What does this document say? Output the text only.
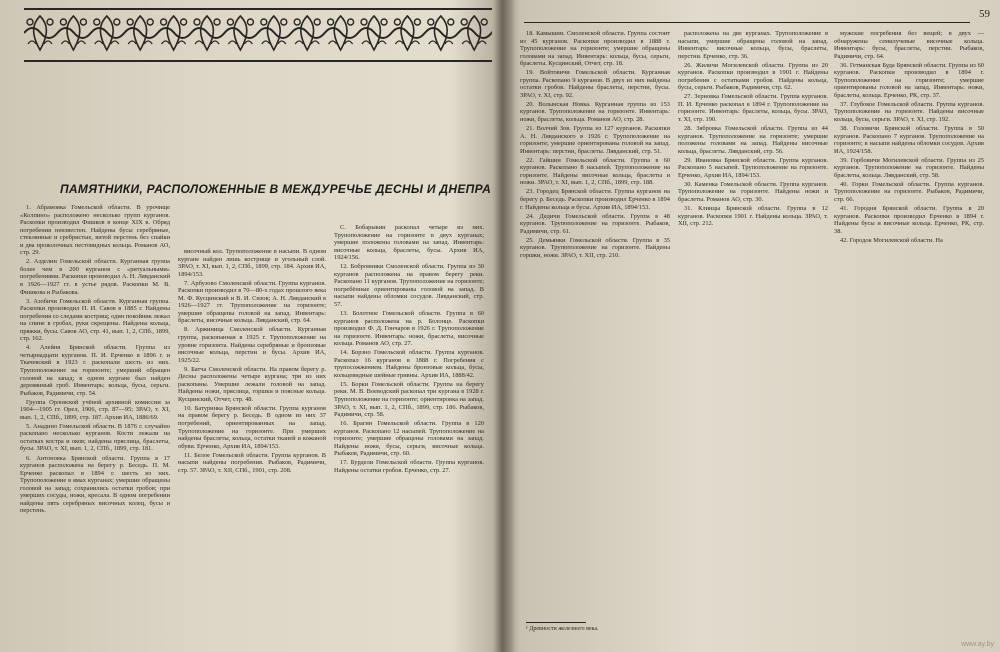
ПАМЯТНИКИ, РАСПОЛОЖЕННЫЕ В МЕЖДУРЕЧЬЕ ДЕСНЫ И ДНЕПРА

1. Абрамовка Гомельской области. В урочище «Колпино» расположено несколько групп курганов. Раскопки производил Фишков в конце XIX в. Обряд погребения неизвестен. Найдены бусы серебряные, стеклянные и сребристые, витой перстень без спайки и два проволочных пестовидных кольца. Романов АО, стр. 29.

2. Азделин Гомельской области. Курганная группа более чем в 200 курганов с «ритуальными» погребениями. Раскопки производил А. Н. Лявданский в 1926—1927 гг. в устье рядов. Раскопки М. В. Фишкова и Рыбакова.

3. Азобичи Гомельской области. Курганная группа. Раскопки производил П. И. Савов в 1885 г. Найдены погребения со следами кострищ; один покойник лежал на спине в гробах, руки скрещены. Найдены кольца, пряжки, бусы. Савов АО, стр. 41, вып. 1, 2, СПб., 1899, стр. 162.

4. Алейня Брянской области. Группа из четырнадцати курганов. П. И. Ерченко в 1896 г. и Ткачевский в 1923 г. раскопали шесть из них. Трупоположение на горизонте; умерший обращен головой на запад; в одном кургане был найден деревянный гроб. Инвентарь: кольца, бусы, серьги. Рыбаков, Радимичи, стр. 54.

Группа Орловской учёной архивной комиссии за 1904—1905 гг. Орел, 1906, стр. 87—95; ЗРАО, т. XI, вып. 1, 2, СПб., 1899, стр. 187. Архив ИА, 1886/69.

5. Анадино Гомельской области. В 1876 г. случайно раскопано несколько курганов. Кости лежали на остатках костра и оков; найдены пряслица, браслеты, бусы. ЗРАО, т. XI, вып. 1, 2, СПб., 1899, стр. 181.

6. Антоновка Брянской области. Группа в 17 курганов расположена на берегу р. Беседь. П. М. Ерченко раскопал в 1894 г. шесть из них. Трупоположение в ямах курганах; умершие обращены головой на запад; сохранились остатки гробов; при умерших сосуды, ножи, кресала. В одном погребении найдены пять серебряных височных колец, бусы и перстень.

височный кол. Трупоположение в насыпи. В одном кургане найден лишь кострище и угольный слой. ЗРАО, т. XI, вып. 1, 2, СПб., 1899, стр. 184. Архив ИА, 1894/153.

7. Арбузово Смоленской области. Группа курганов. Раскопки производил в 70—80-х годах прошлого века М. Ф. Кусцинский и В. И. Сизов; А. Н. Лявданский в 1926—1927 гг. Трупоположение на горизонте; умершие обращены головой на запад. Инвентарь: браслеты, височные кольца. Лявданский, стр. 64.

8. Аржиница Смоленской области. Курганная группа, раскопанная в 1925 г. Трупоположение на уровне горизонта. Найдены серебряные и бронзовые височные кольца, перстни и бусы. Архив ИА, 1925/22.

9. Батча Смоленской области. На правом берегу р. Десны расположены четыре кургана; три из них раскопаны. Умершие лежали головой на запад. Найдены ножи, пряслица, горшки и поясные кольца. Кусцинский, Отчет, стр. 48.

10. Батуринка Брянской области. Группа курганов на правом берегу р. Беседь. В одном из них 37 погребений, ориентированных на запад. Трупоположение на горизонте. При умерших найдены браслеты, кольца, остатки тканей и кожаной обуви. Ерченко, Архив ИА, 1894/153.

11. Белое Гомельской области. Группа курганов. В насыпи найдены погребения. Рыбаков, Радимичи, стр. 57. ЗРАО, т. XII, СПб., 1901, стр. 208.

С. Бобарыкин раскопал четыре из них. Трупоположение на горизонте в двух курганах; умершие положены головами на запад. Инвентарь: височные кольца, браслеты, бусы. Архив ИА, 1924/156.

12. Бобровники Смоленской области. Группа из 30 курганов расположена на правом берегу реки. Раскопано 11 курганов. Трупоположение на горизонте; погребённые ориентированы головой на запад. В насыпи найдены обломки сосудов. Лявданский, стр. 57.

13. Болотное Гомельской области. Группа в 60 курганов расположена на р. Болонце. Раскопки производил Ф. Д. Гончаров в 1926 г. Трупоположение на горизонте. Инвентарь: ножи, браслеты, височные кольца. Романов АО, стр. 27.

14. Борзно Гомельской области. Группа курганов. Раскопал 16 курганов в 1888 г. Погребения с трупосожжением. Найдены бронзовые кольца, бусы, кольцевидные шейные гривны. Архив ИА, 1888/42.

15. Борки Гомельской области. Группа на берегу реки. М. В. Воеводский раскопал три кургана в 1928 г. Трупоположение на горизонте; ориентировка на запад. ЗРАО, т. XI, вып. 1, 2, СПб., 1899, стр. 186. Рыбаков, Радимичи, стр. 58.

16. Брагин Гомельской области. Группа в 120 курганов. Раскопано 12 насыпей. Трупоположение на горизонте; умершие обращены головами на запад. Найдены ножи, бусы, серьги, височные кольца. Рыбаков, Радимичи, стр. 60.

17. Бурдели Гомельской области. Группа курганов. Найдены остатки гробов. Ерченко, стр. 27.

59

18. Камышин. Смоленской области. Группа состоит из 45 курганов. Раскопки производил в 1888 г. Трупоположение на горизонте; умершие обращены головами на запад. Инвентарь: кольца, бусы, серьги, браслеты. Кусцинский, Отчет, стр. 18.

19. Войтовичи Гомельской области. Курганная группа. Раскопано 9 курганов. В двух из них найдены остатки гробов. Найдены браслеты, перстни, бусы. ЗРАО, т. XI, стр. 92.

20. Волынская Новка. Курганная группа из 153 курганов. Трупоположение на горизонте. Инвентарь: ножи, браслеты, кольца. Романов АО, стр. 28.

21. Волчий Зов. Группа из 127 курганов. Раскопки А. Н. Лявданского в 1926 г. Трупоположение на горизонте; умершие ориентированы головой на запад. Инвентарь: перстни, браслеты. Лявданский, стр. 51.

22. Гайшин Гомельской области. Группа в 60 курганов. Раскопано 8 насыпей. Трупоположение на горизонте. Найдены височные кольца, браслеты и ножи. ЗРАО, т. XI, вып. 1, 2, СПб., 1899, стр. 188.

23. Городец Брянской области. Группа курганов на берегу р. Беседь. Раскопки производил Ерченко в 1894 г. Найдены кольца и бусы. Архив ИА, 1894/153.

24. Дедичи Гомельской области. Группа в 48 курганов. Трупоположение на горизонте. Рыбаков, Радимичи, стр. 61.

25. Демьянки Гомельской области. Группа в 35 курганов. Трупоположение на горизонте. Найдены горшки, ножи. ЗРАО, т. XII, стр. 210.

расположена на две курганах. Трупоположение в насыпи, умершие обращены головой на запад. Инвентарь: височные кольца, бусы, браслеты, перстни. Ерченко, стр. 36.

26. Жиличи Могилевской области. Группа из 20 курганов. Раскопки производил в 1901 г. Найдены погребения с остатками гробов. Найдены кольца, бусы, серьги. Рыбаков, Радимичи, стр. 62.

27. Зерновка Гомельской области. Группа курганов. П. И. Ерченко раскопал в 1894 г. Трупоположение на горизонте. Инвентарь: браслеты, кольца, бусы. ЗРАО, т. XI, стр. 190.

28. Зябровка Гомельской области. Группа из 44 курганов. Трупоположение на горизонте; умершие положены головами на запад. Найдены височные кольца, браслеты. Лявданский, стр. 56.

29. Ивановка Брянской области. Группа курганов. Раскопано 5 насыпей. Трупоположение на горизонте. Ерченко, Архив ИА, 1894/153.

30. Каменка Гомельской области. Группа курганов. Трупоположение на горизонте. Найдены ножи и браслеты. Романов АО, стр. 30.

31. Клинцы Брянской области. Группа в 12 курганов. Раскопки 1901 г. Найдены кольца. ЗРАО, т. XII, стр. 212.

мужские погребения без вещей; в двух — обнаружены семилучевые височные кольца. Инвентарь: бусы, браслеты, перстни. Рыбаков, Радимичи, стр. 64.

36. Гетманская Буда Брянской области. Группа из 60 курганов. Раскопки производил в 1894 г. Трупоположение на горизонте; умершие ориентированы головой на запад. Инвентарь: ножи, браслеты, кольца. Ерченко, РК, стр. 37.

37. Глубокое Гомельской области. Группа курганов. Трупоположение на горизонте. Найдены височные кольца, бусы, серьги. ЗРАО, т. XI, стр. 192.

38. Головичи Брянской области. Группа в 50 курганов. Раскопано 7 курганов. Трупоположение на горизонте; в насыпи найдены обломки сосудов. Архив ИА, 1924/158.

39. Горбовичи Могилевской области. Группа из 25 курганов. Трупоположение на горизонте. Найдены браслеты, кольца. Лявданский, стр. 58.

40. Горки Гомельской области. Группа курганов. Трупоположение на горизонте. Рыбаков, Радимичи, стр. 66.

41. Городня Брянской области. Группа в 20 курганов. Раскопки производил Ерченко в 1894 г. Найдены бусы и височные кольца. Ерченко, РК, стр. 38.

42. Городок Могилевской области. На

¹ Древности железного века.
www.ay.by
